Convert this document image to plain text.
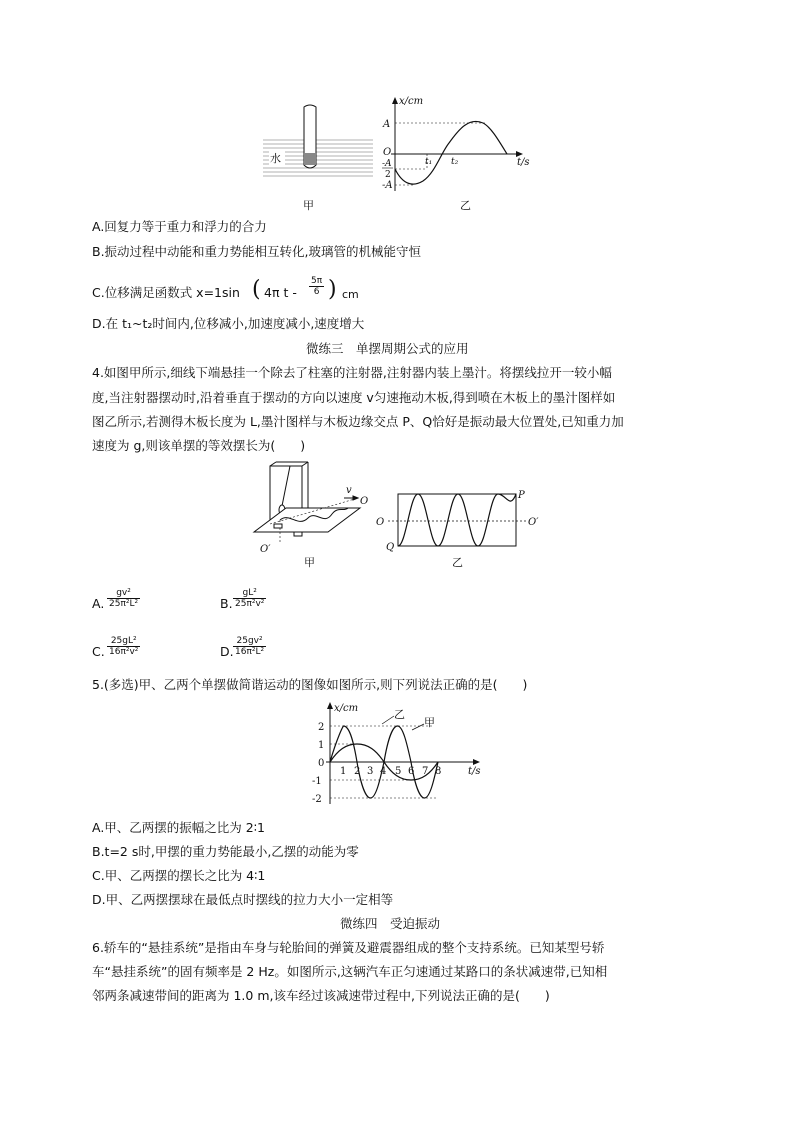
水
x/cm
t/s
A
O
-A
2
-A
t₁ t₂
甲	乙
A.回复力等于重力和浮力的合力
B.振动过程中动能和重力势能相互转化,玻璃管的机械能守恒
C.位移满足函数式 x=1sin ( 4π t - $\frac{5\pi}{6}$ ) cm
D.在 t₁~t₂时间内,位移减小,加速度减小,速度增大
微练三　单摆周期公式的应用
4.如图甲所示,细线下端悬挂一个除去了柱塞的注射器,注射器内装上墨汁。将摆线拉开一较小幅
度,当注射器摆动时,沿着垂直于摆动的方向以速度 v匀速拖动木板,得到喷在木板上的墨汁图样如
图乙所示,若测得木板长度为 L,墨汁图样与木板边缘交点 P、Q恰好是振动最大位置处,已知重力加
速度为 g,则该单摆的等效摆长为(　　)
v
O
O′
甲
P
Q
O	O′
乙
A. $\frac{\text{gv²}}{\text{25π²L²}}$	B. $\frac{\text{gL²}}{\text{25π²v²}}$
C. $\frac{\text{25gL²}}{\text{16π²v²}}$	D. $\frac{\text{25gv²}}{\text{16π²L²}}$
5.(多选)甲、乙两个单摆做简谐运动的图像如图所示,则下列说法正确的是(　　)
x/cm
t/s
乙
甲
2
1
0
-1
-2
1 2 3 4 5 6 7 8
A.甲、乙两摆的振幅之比为 2∶1
B.t=2 s时,甲摆的重力势能最小,乙摆的动能为零
C.甲、乙两摆的摆长之比为 4∶1
D.甲、乙两摆摆球在最低点时摆线的拉力大小一定相等
微练四　受迫振动
6.轿车的“悬挂系统”是指由车身与轮胎间的弹簧及避震器组成的整个支持系统。已知某型号轿
车“悬挂系统”的固有频率是 2 Hz。如图所示,这辆汽车正匀速通过某路口的条状减速带,已知相
邻两条减速带间的距离为 1.0 m,该车经过该减速带过程中,下列说法正确的是(　　)
